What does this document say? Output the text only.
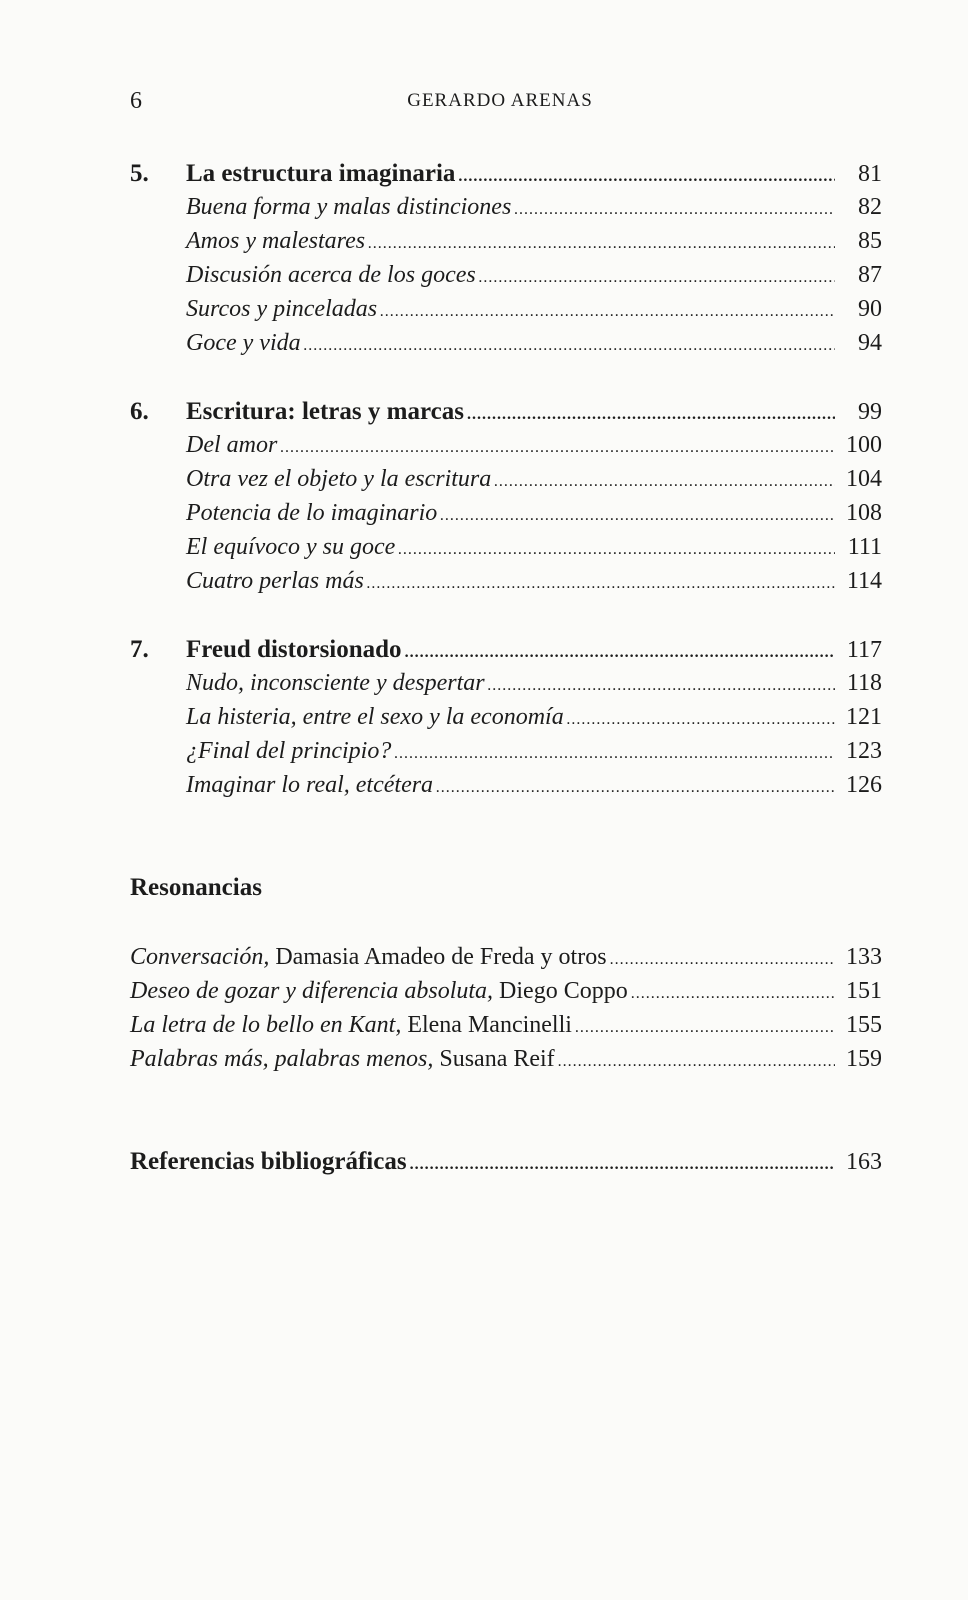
6	GERARDO ARENAS
5.	La estructura imaginaria .....	81
Buena forma y malas distinciones .....	82
Amos y malestares .....	85
Discusión acerca de los goces .....	87
Surcos y pinceladas .....	90
Goce y vida .....	94
6.	Escritura: letras y marcas .....	99
Del amor .....	100
Otra vez el objeto y la escritura .....	104
Potencia de lo imaginario .....	108
El equívoco y su goce .....	111
Cuatro perlas más .....	114
7.	Freud distorsionado .....	117
Nudo, inconsciente y despertar .....	118
La histeria, entre el sexo y la economía .....	121
¿Final del principio? .....	123
Imaginar lo real, etcétera .....	126
Resonancias
Conversación, Damasia Amadeo de Freda y otros .....	133
Deseo de gozar y diferencia absoluta, Diego Coppo .....	151
La letra de lo bello en Kant, Elena Mancinelli .....	155
Palabras más, palabras menos, Susana Reif .....	159
Referencias bibliográficas .....	163
